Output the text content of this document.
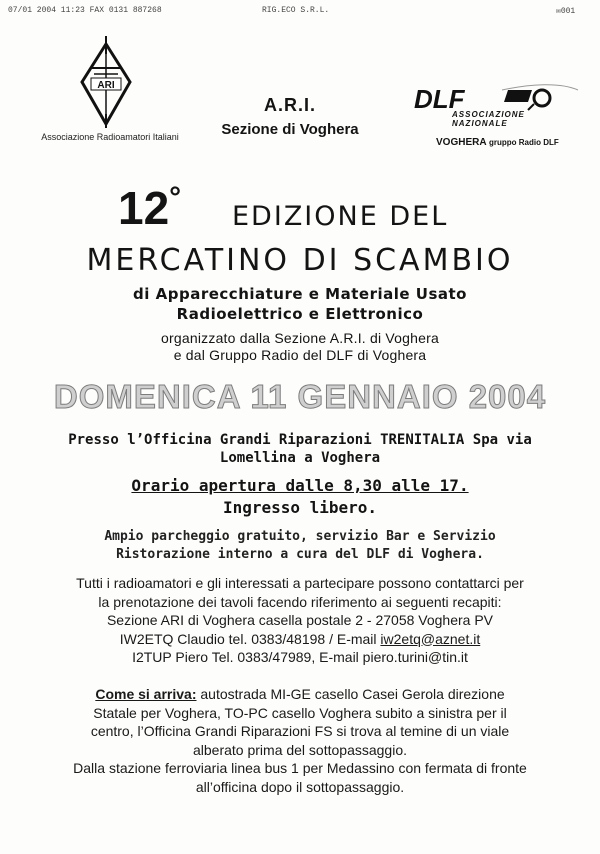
07/01 2004 11:23 FAX 0131 887268	RIG.ECO S.R.L.	✉001
ARI
Associazione Radioamatori Italiani
A.R.I.
Sezione di Voghera
DLF
ASSOCIAZIONE
NAZIONALE
VOGHERA gruppo Radio DLF
12°
EDIZIONE DEL
MERCATINO DI SCAMBIO
di Apparecchiature e Materiale Usato
Radioelettrico e Elettronico
organizzato dalla Sezione A.R.I. di Voghera
e dal Gruppo Radio del DLF di Voghera
DOMENICA 11 GENNAIO 2004
Presso l’Officina Grandi Riparazioni TRENITALIA Spa via
Lomellina a Voghera
Orario apertura dalle 8,30 alle 17.
Ingresso libero.
Ampio parcheggio gratuito, servizio Bar e Servizio
Ristorazione interno a cura del DLF di Voghera.
Tutti i radioamatori e gli interessati a partecipare possono contattarci per
la prenotazione dei tavoli facendo riferimento ai seguenti recapiti:
Sezione ARI di Voghera casella postale 2 - 27058 Voghera PV
IW2ETQ Claudio tel. 0383/48198 / E-mail iw2etq@aznet.it
I2TUP Piero Tel. 0383/47989, E-mail piero.turini@tin.it
Come si arriva: autostrada MI-GE casello Casei Gerola direzione
Statale per Voghera, TO-PC casello Voghera subito a sinistra per il
centro, l’Officina Grandi Riparazioni FS si trova al temine di un viale
alberato prima del sottopassaggio.
Dalla stazione ferroviaria linea bus 1 per Medassino con fermata di fronte
all’officina dopo il sottopassaggio.
